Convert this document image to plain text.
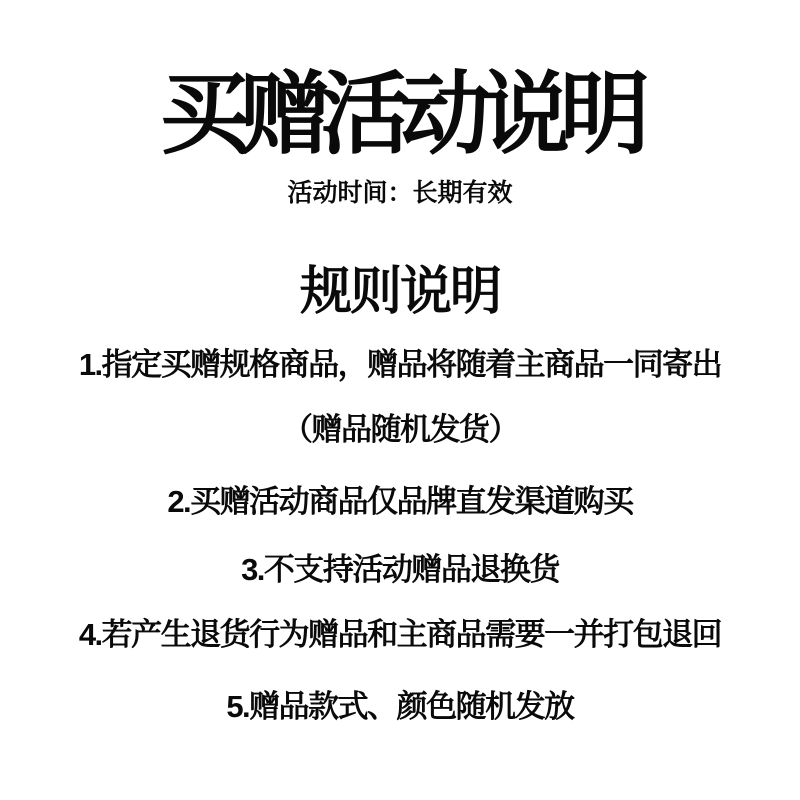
买赠活动说明
活动时间：长期有效
规则说明
1.指定买赠规格商品，赠品将随着主商品一同寄出
（赠品随机发货）
2.买赠活动商品仅品牌直发渠道购买
3.不支持活动赠品退换货
4.若产生退货行为赠品和主商品需要一并打包退回
5.赠品款式、颜色随机发放
